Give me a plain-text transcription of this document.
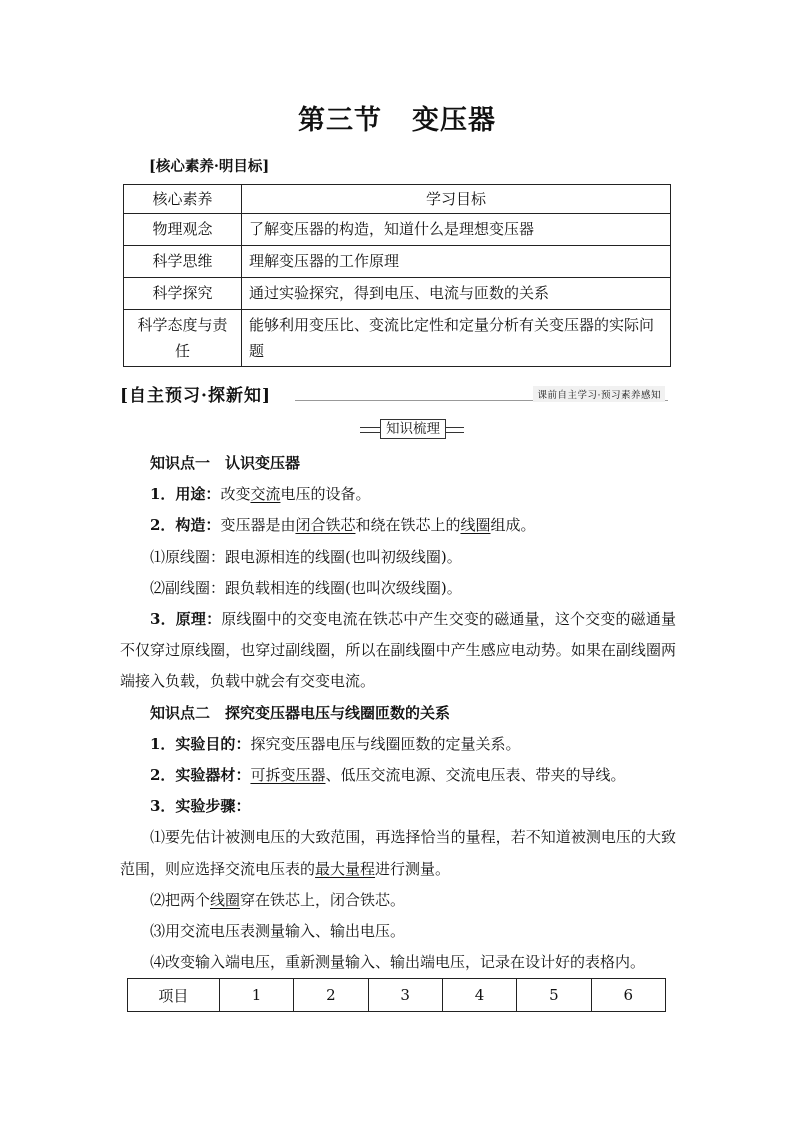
第三节 变压器
[核心素养·明目标]
核心素养	学习目标
物理观念	了解变压器的构造，知道什么是理想变压器
科学思维	理解变压器的工作原理
科学探究	通过实验探究，得到电压、电流与匝数的关系
科学态度与责任	能够利用变压比、变流比定性和定量分析有关变压器的实际问题
[自主预习·探新知]	课前自主学习·预习素养感知
知识梳理

知识点一　认识变压器

1．用途：改变交流电压的设备。

2．构造：变压器是由闭合铁芯和绕在铁芯上的线圈组成。

⑴原线圈：跟电源相连的线圈(也叫初级线圈)。

⑵副线圈：跟负载相连的线圈(也叫次级线圈)。

3．原理：原线圈中的交变电流在铁芯中产生交变的磁通量，这个交变的磁通量不仅穿过原线圈，也穿过副线圈，所以在副线圈中产生感应电动势。如果在副线圈两端接入负载，负载中就会有交变电流。

知识点二　探究变压器电压与线圈匝数的关系

1．实验目的：探究变压器电压与线圈匝数的定量关系。

2．实验器材：可拆变压器、低压交流电源、交流电压表、带夹的导线。

3．实验步骤：

⑴要先估计被测电压的大致范围，再选择恰当的量程，若不知道被测电压的大致范围，则应选择交流电压表的最大量程进行测量。

⑵把两个线圈穿在铁芯上，闭合铁芯。

⑶用交流电压表测量输入、输出电压。

⑷改变输入端电压，重新测量输入、输出端电压，记录在设计好的表格内。

项目	1	2	3	4	5	6
